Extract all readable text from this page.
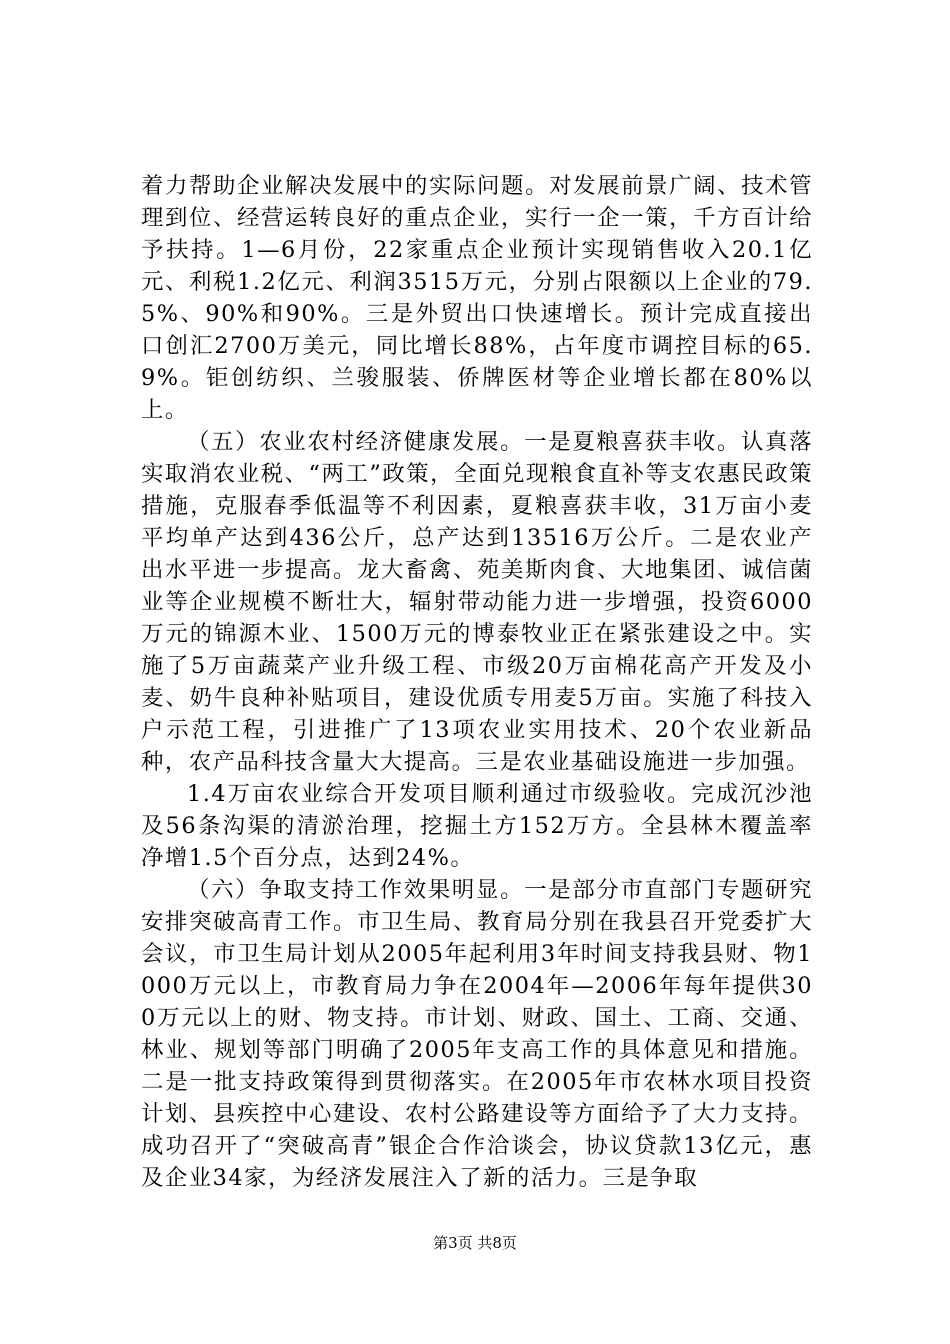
着力帮助企业解决发展中的实际问题。对发展前景广阔、技术管理到位、经营运转良好的重点企业，实行一企一策，千方百计给予扶持。1—6月份，22家重点企业预计实现销售收入20.1亿元、利税1.2亿元、利润3515万元，分别占限额以上企业的79.5%、90%和90%。三是外贸出口快速增长。预计完成直接出口创汇2700万美元，同比增长88%，占年度市调控目标的65.9%。钜创纺织、兰骏服装、侨牌医材等企业增长都在80%以上。

（五）农业农村经济健康发展。一是夏粮喜获丰收。认真落实取消农业税、“两工”政策，全面兑现粮食直补等支农惠民政策措施，克服春季低温等不利因素，夏粮喜获丰收，31万亩小麦平均单产达到436公斤，总产达到13516万公斤。二是农业产出水平进一步提高。龙大畜禽、苑美斯肉食、大地集团、诚信菌业等企业规模不断壮大，辐射带动能力进一步增强，投资6000万元的锦源木业、1500万元的博泰牧业正在紧张建设之中。实施了5万亩蔬菜产业升级工程、市级20万亩棉花高产开发及小麦、奶牛良种补贴项目，建设优质专用麦5万亩。实施了科技入户示范工程，引进推广了13项农业实用技术、20个农业新品种，农产品科技含量大大提高。三是农业基础设施进一步加强。

1.4万亩农业综合开发项目顺利通过市级验收。完成沉沙池及56条沟渠的清淤治理，挖掘土方152万方。全县林木覆盖率净增1.5个百分点，达到24%。

（六）争取支持工作效果明显。一是部分市直部门专题研究安排突破高青工作。市卫生局、教育局分别在我县召开党委扩大会议，市卫生局计划从2005年起利用3年时间支持我县财、物1000万元以上，市教育局力争在2004年—2006年每年提供300万元以上的财、物支持。市计划、财政、国土、工商、交通、林业、规划等部门明确了2005年支高工作的具体意见和措施。二是一批支持政策得到贯彻落实。在2005年市农林水项目投资计划、县疾控中心建设、农村公路建设等方面给予了大力支持。成功召开了“突破高青”银企合作洽谈会，协议贷款13亿元，惠及企业34家，为经济发展注入了新的活力。三是争取

第3页 共8页
